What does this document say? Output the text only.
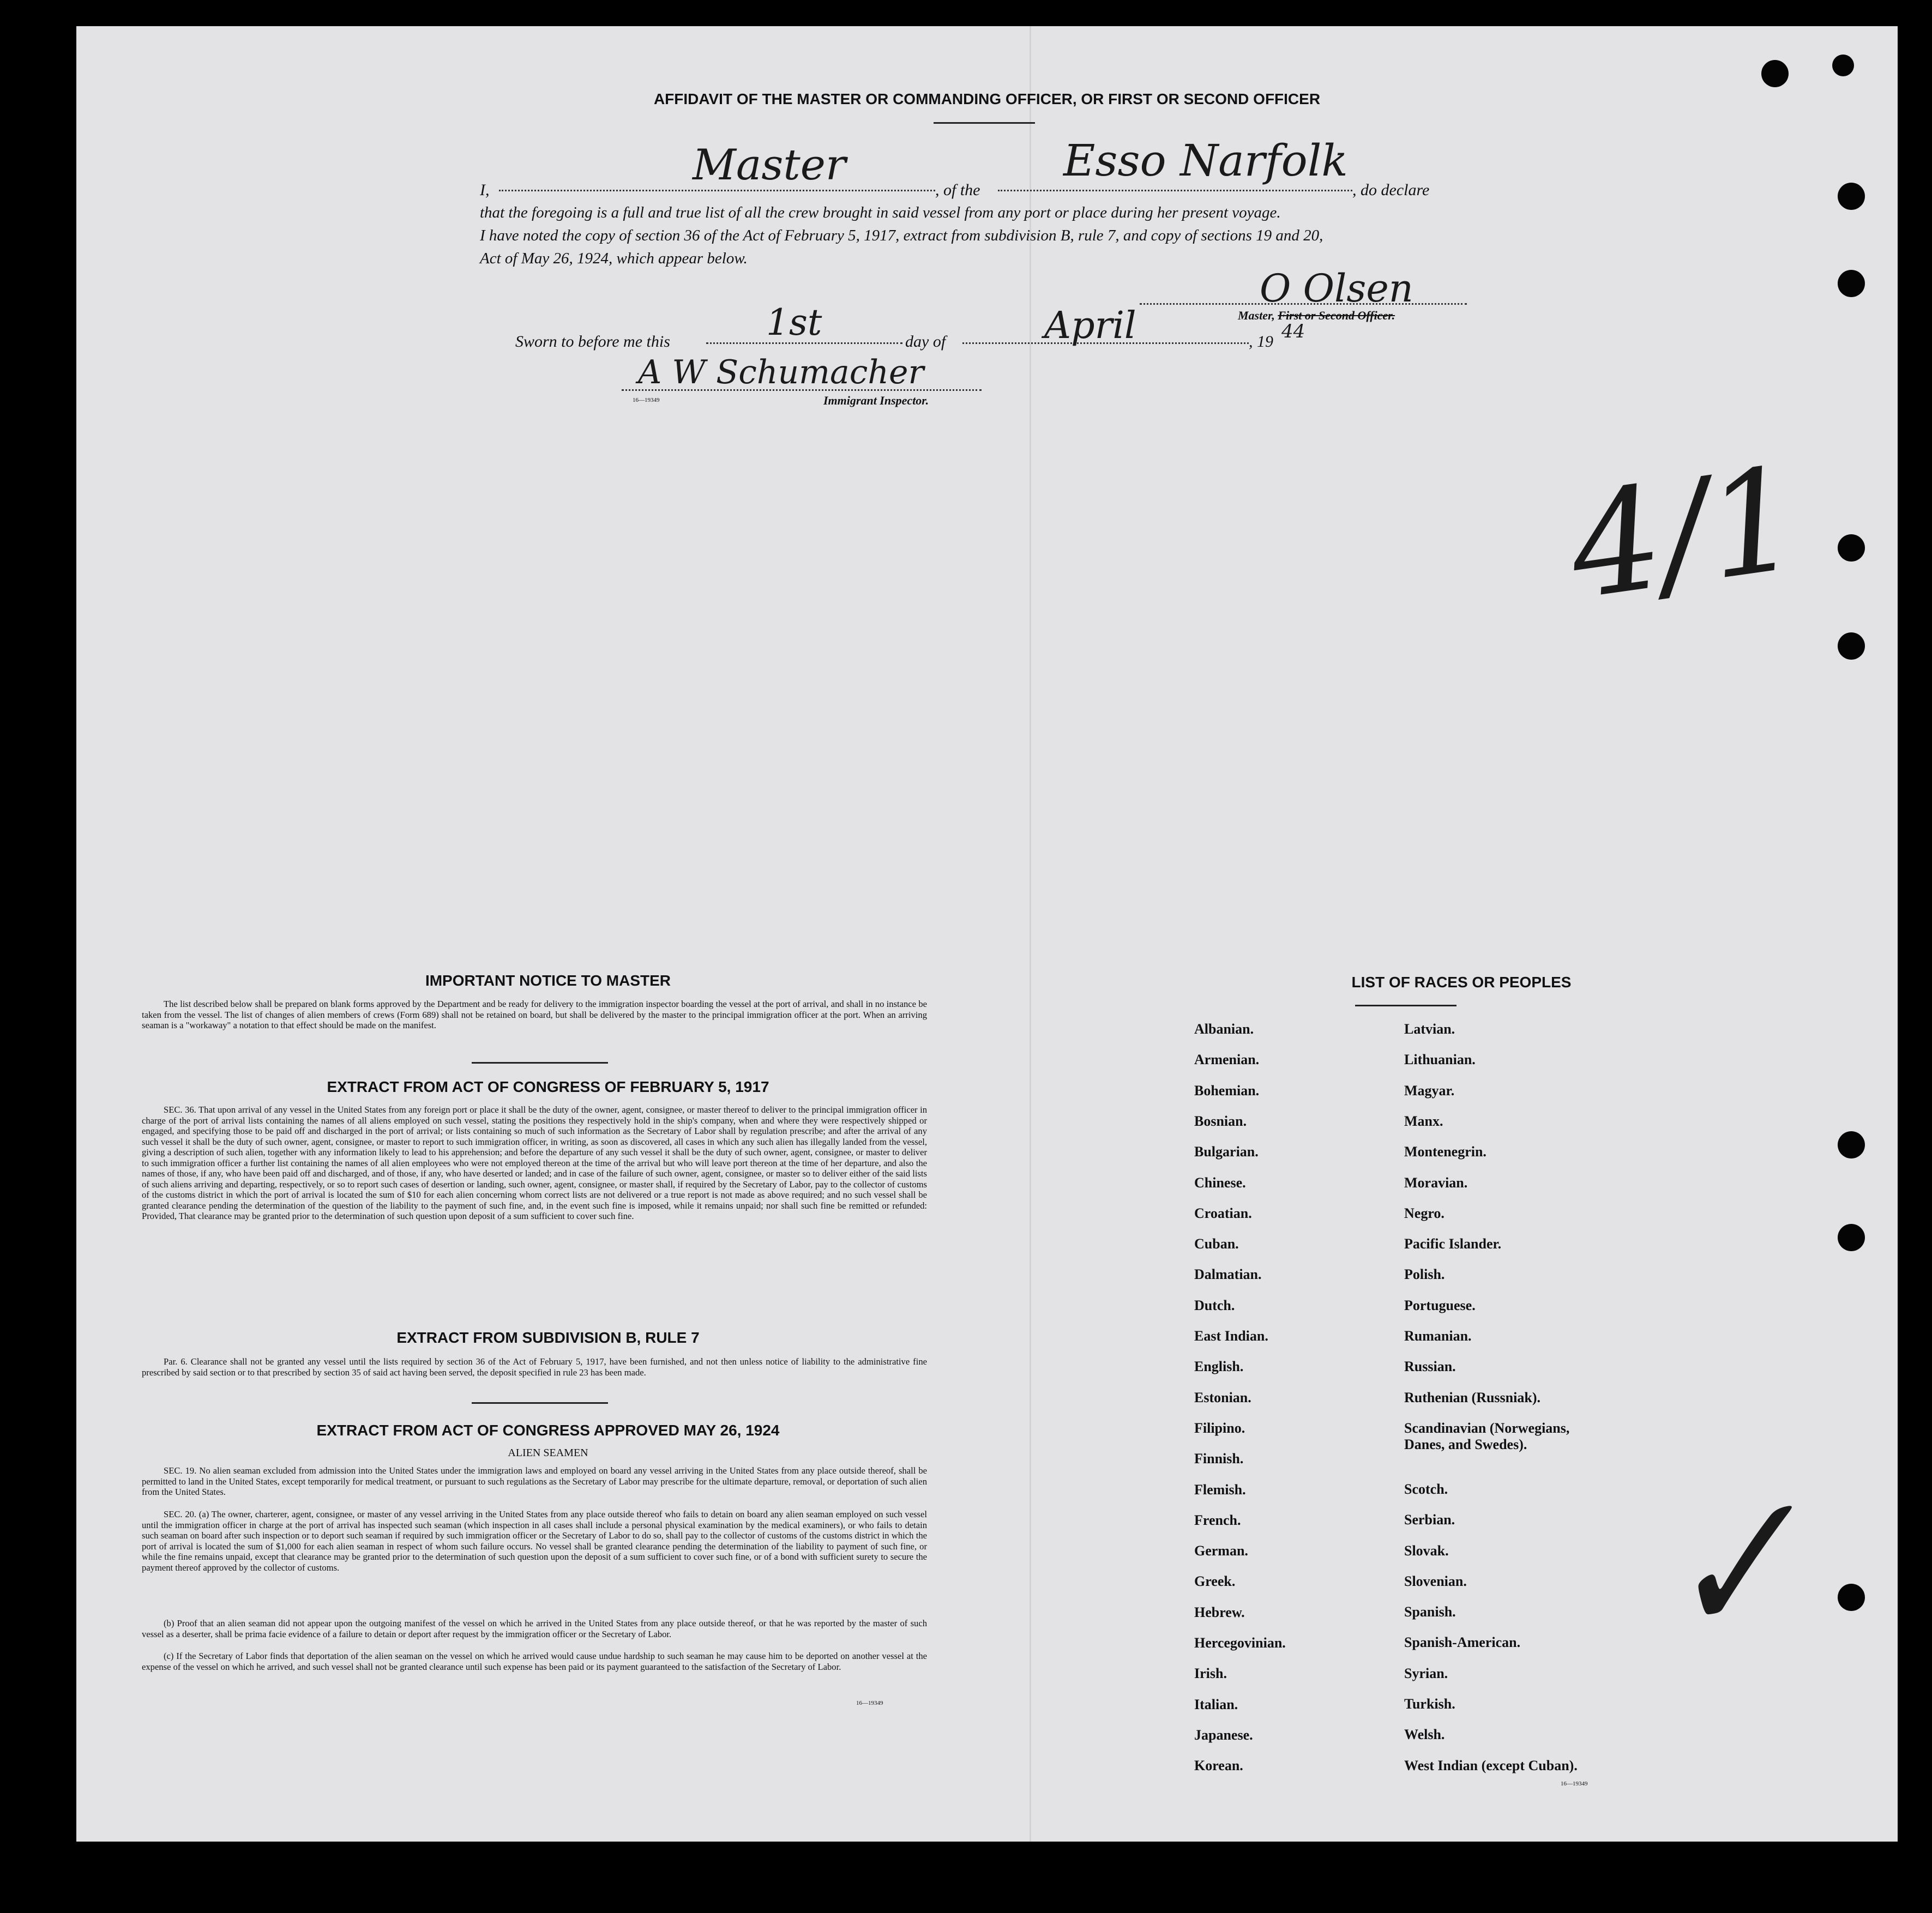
AFFIDAVIT OF THE MASTER OR COMMANDING OFFICER, OR FIRST OR SECOND OFFICER
I,
Master
, of the
Esso Narfolk
, do declare
that the foregoing is a full and true list of all the crew brought in said vessel from any port or place during her present voyage.
I have noted the copy of section 36 of the Act of February 5, 1917, extract from subdivision B, rule 7, and copy of sections 19 and 20,
Act of May 26, 1924, which appear below.
O Olsen
Master, First or Second Officer.
Sworn to before me this	1st	day of	April	, 19 44
A W Schumacher
16—19349	Immigrant Inspector.
4/1
✓
IMPORTANT NOTICE TO MASTER
The list described below shall be prepared on blank forms approved by the Department and be ready for delivery to the immigration inspector boarding the vessel at the port of arrival, and shall in no instance be taken from the vessel. The list of changes of alien members of crews (Form 689) shall not be retained on board, but shall be delivered by the master to the principal immigration officer at the port. When an arriving seaman is a "workaway" a notation to that effect should be made on the manifest.
EXTRACT FROM ACT OF CONGRESS OF FEBRUARY 5, 1917
SEC. 36. That upon arrival of any vessel in the United States from any foreign port or place it shall be the duty of the owner, agent, consignee, or master thereof to deliver to the principal immigration officer in charge of the port of arrival lists containing the names of all aliens employed on such vessel, stating the positions they respectively hold in the ship's company, when and where they were respectively shipped or engaged, and specifying those to be paid off and discharged in the port of arrival; or lists containing so much of such information as the Secretary of Labor shall by regulation prescribe; and after the arrival of any such vessel it shall be the duty of such owner, agent, consignee, or master to report to such immigration officer, in writing, as soon as discovered, all cases in which any such alien has illegally landed from the vessel, giving a description of such alien, together with any information likely to lead to his apprehension; and before the departure of any such vessel it shall be the duty of such owner, agent, consignee, or master to deliver to such immigration officer a further list containing the names of all alien employees who were not employed thereon at the time of the arrival but who will leave port thereon at the time of her departure, and also the names of those, if any, who have been paid off and discharged, and of those, if any, who have deserted or landed; and in case of the failure of such owner, agent, consignee, or master so to deliver either of the said lists of such aliens arriving and departing, respectively, or so to report such cases of desertion or landing, such owner, agent, consignee, or master shall, if required by the Secretary of Labor, pay to the collector of customs of the customs district in which the port of arrival is located the sum of $10 for each alien concerning whom correct lists are not delivered or a true report is not made as above required; and no such vessel shall be granted clearance pending the determination of the question of the liability to the payment of such fine, and, in the event such fine is imposed, while it remains unpaid; nor shall such fine be remitted or refunded: Provided, That clearance may be granted prior to the determination of such question upon deposit of a sum sufficient to cover such fine.
EXTRACT FROM SUBDIVISION B, RULE 7
Par. 6. Clearance shall not be granted any vessel until the lists required by section 36 of the Act of February 5, 1917, have been furnished, and not then unless notice of liability to the administrative fine prescribed by said section or to that prescribed by section 35 of said act having been served, the deposit specified in rule 23 has been made.
EXTRACT FROM ACT OF CONGRESS APPROVED MAY 26, 1924
ALIEN SEAMEN
SEC. 19. No alien seaman excluded from admission into the United States under the immigration laws and employed on board any vessel arriving in the United States from any place outside thereof, shall be permitted to land in the United States, except temporarily for medical treatment, or pursuant to such regulations as the Secretary of Labor may prescribe for the ultimate departure, removal, or deportation of such alien from the United States.
SEC. 20. (a) The owner, charterer, agent, consignee, or master of any vessel arriving in the United States from any place outside thereof who fails to detain on board any alien seaman employed on such vessel until the immigration officer in charge at the port of arrival has inspected such seaman (which inspection in all cases shall include a personal physical examination by the medical examiners), or who fails to detain such seaman on board after such inspection or to deport such seaman if required by such immigration officer or the Secretary of Labor to do so, shall pay to the collector of customs of the customs district in which the port of arrival is located the sum of $1,000 for each alien seaman in respect of whom such failure occurs. No vessel shall be granted clearance pending the determination of the liability to payment of such fine, or while the fine remains unpaid, except that clearance may be granted prior to the determination of such question upon the deposit of a sum sufficient to cover such fine, or of a bond with sufficient surety to secure the payment thereof approved by the collector of customs.
(b) Proof that an alien seaman did not appear upon the outgoing manifest of the vessel on which he arrived in the United States from any place outside thereof, or that he was reported by the master of such vessel as a deserter, shall be prima facie evidence of a failure to detain or deport after request by the immigration officer or the Secretary of Labor.
(c) If the Secretary of Labor finds that deportation of the alien seaman on the vessel on which he arrived would cause undue hardship to such seaman he may cause him to be deported on another vessel at the expense of the vessel on which he arrived, and such vessel shall not be granted clearance until such expense has been paid or its payment guaranteed to the satisfaction of the Secretary of Labor.
16—19349
LIST OF RACES OR PEOPLES
Albanian.
Armenian.
Bohemian.
Bosnian.
Bulgarian.
Chinese.
Croatian.
Cuban.
Dalmatian.
Dutch.
East Indian.
English.
Estonian.
Filipino.
Finnish.
Flemish.
French.
German.
Greek.
Hebrew.
Hercegovinian.
Irish.
Italian.
Japanese.
Korean.
Latvian.
Lithuanian.
Magyar.
Manx.
Montenegrin.
Moravian.
Negro.
Pacific Islander.
Polish.
Portuguese.
Rumanian.
Russian.
Ruthenian (Russniak).
Scandinavian (Norwegians,
Danes, and Swedes).
Scotch.
Serbian.
Slovak.
Slovenian.
Spanish.
Spanish-American.
Syrian.
Turkish.
Welsh.
West Indian (except Cuban).
16—19349
